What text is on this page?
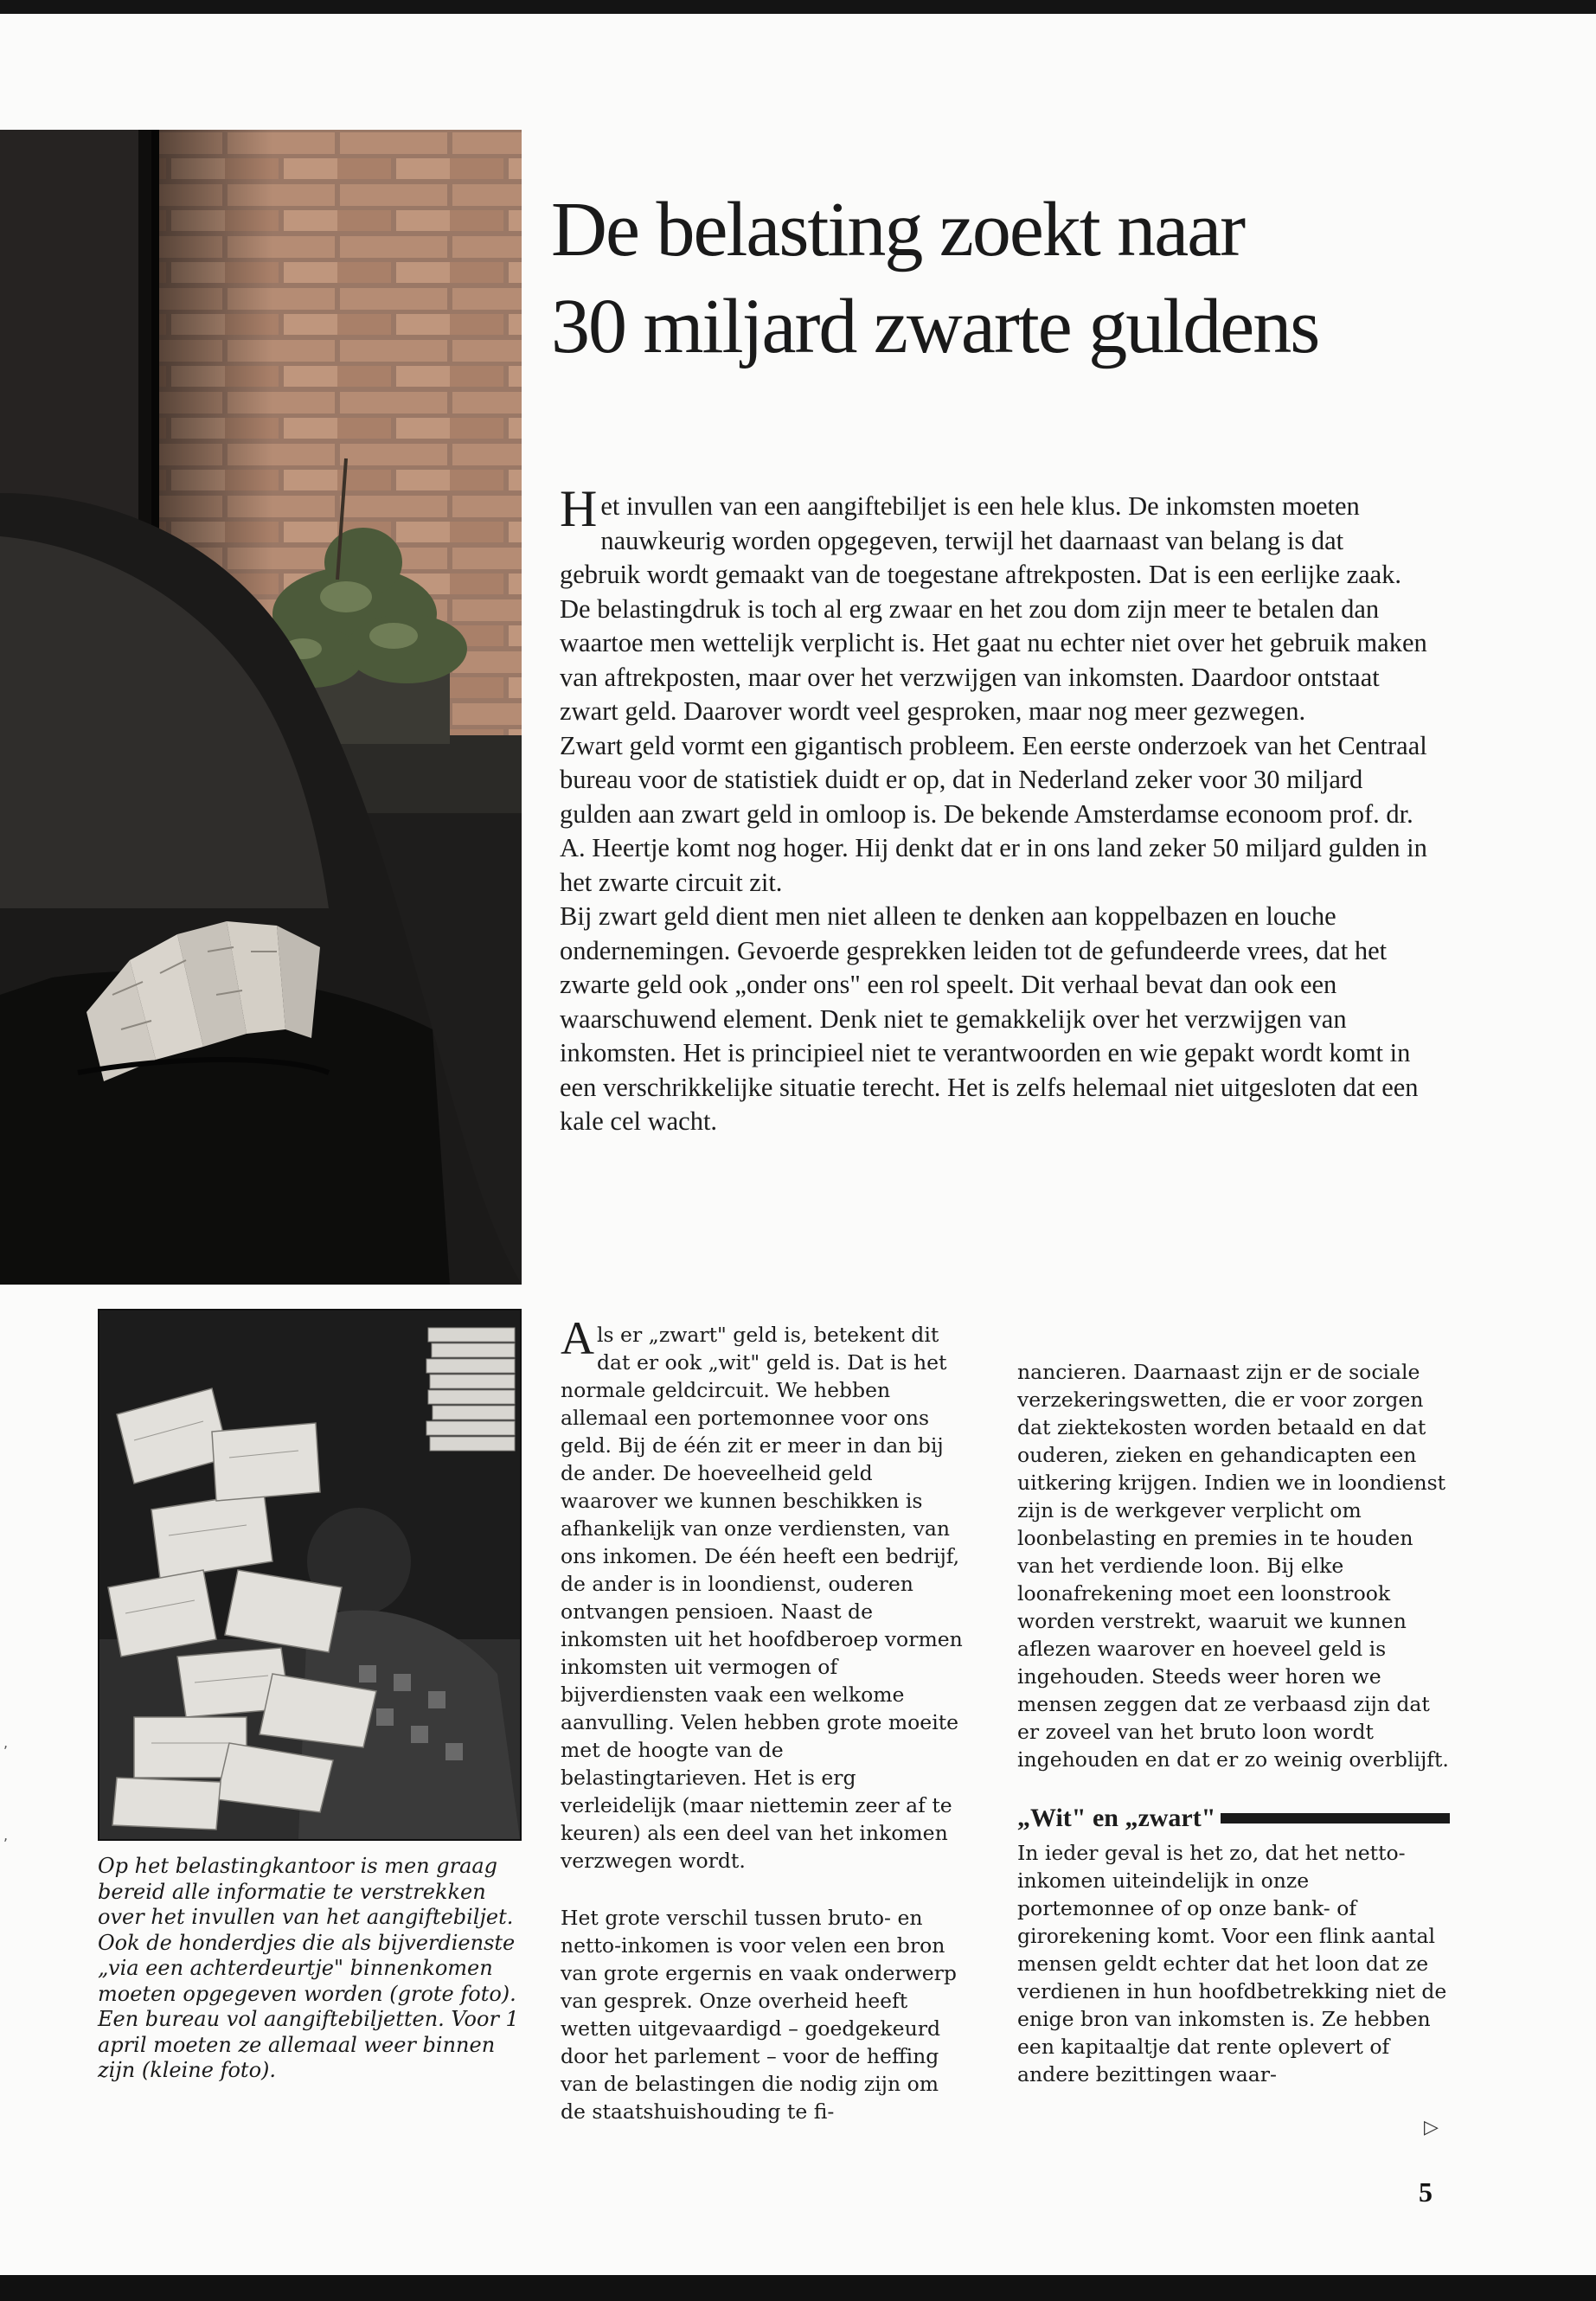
Op het belastingkantoor is men graag bereid alle informatie te verstrekken over het invullen van het aangiftebiljet. Ook de honderdjes die als bijverdienste „via een achterdeurtje" binnenkomen moeten opgegeven worden (grote foto).

Een bureau vol aangiftebiljetten. Voor 1 april moeten ze allemaal weer binnen zijn (kleine foto).

De belasting zoekt naar
30 miljard zwarte guldens

Het invullen van een aangiftebiljet is een hele klus. De inkomsten moeten nauwkeurig worden opgegeven, terwijl het daarnaast van belang is dat gebruik wordt gemaakt van de toegestane aftrekposten. Dat is een eerlijke zaak. De belastingdruk is toch al erg zwaar en het zou dom zijn meer te betalen dan waartoe men wettelijk verplicht is. Het gaat nu echter niet over het gebruik maken van aftrekposten, maar over het verzwijgen van inkomsten. Daardoor ontstaat zwart geld. Daarover wordt veel gesproken, maar nog meer gezwegen.

Zwart geld vormt een gigantisch probleem. Een eerste onderzoek van het Centraal bureau voor de statistiek duidt er op, dat in Nederland zeker voor 30 miljard gulden aan zwart geld in omloop is. De bekende Amsterdamse econoom prof. dr. A. Heertje komt nog hoger. Hij denkt dat er in ons land zeker 50 miljard gulden in het zwarte circuit zit.

Bij zwart geld dient men niet alleen te denken aan koppelbazen en louche ondernemingen. Gevoerde gesprekken leiden tot de gefundeerde vrees, dat het zwarte geld ook „onder ons" een rol speelt. Dit verhaal bevat dan ook een waarschuwend element. Denk niet te gemakkelijk over het verzwijgen van inkomsten. Het is principieel niet te verantwoorden en wie gepakt wordt komt in een verschrikkelijke situatie terecht. Het is zelfs helemaal niet uitgesloten dat een kale cel wacht.

Als er „zwart" geld is, betekent dit dat er ook „wit" geld is. Dat is het normale geldcircuit. We hebben allemaal een portemonnee voor ons geld. Bij de één zit er meer in dan bij de ander. De hoeveelheid geld waarover we kunnen beschikken is afhankelijk van onze verdiensten, van ons inkomen. De één heeft een bedrijf, de ander is in loondienst, ouderen ontvangen pensioen. Naast de inkomsten uit het hoofdberoep vormen inkomsten uit vermogen of bijverdiensten vaak een welkome aanvulling. Velen hebben grote moeite met de hoogte van de belastingtarieven. Het is erg verleidelijk (maar niettemin zeer af te keuren) als een deel van het inkomen verzwegen wordt.

Het grote verschil tussen bruto- en netto-inkomen is voor velen een bron van grote ergernis en vaak onderwerp van gesprek. Onze overheid heeft wetten uitgevaardigd – goedgekeurd door het parlement – voor de heffing van de belastingen die nodig zijn om de staatshuishouding te fi-

nancieren. Daarnaast zijn er de sociale verzekeringswetten, die er voor zorgen dat ziektekosten worden betaald en dat ouderen, zieken en gehandicapten een uitkering krijgen. Indien we in loondienst zijn is de werkgever verplicht om loonbelasting en premies in te houden van het verdiende loon. Bij elke loonafrekening moet een loonstrook worden verstrekt, waaruit we kunnen aflezen waarover en hoeveel geld is ingehouden. Steeds weer horen we mensen zeggen dat ze verbaasd zijn dat er zoveel van het bruto loon wordt ingehouden en dat er zo weinig overblijft.

„Wit" en „zwart"

In ieder geval is het zo, dat het netto-inkomen uiteindelijk in onze portemonnee of op onze bank- of girorekening komt. Voor een flink aantal mensen geldt echter dat het loon dat ze verdienen in hun hoofdbetrekking niet de enige bron van inkomsten is. Ze hebben een kapitaaltje dat rente oplevert of andere bezittingen waar-

▷
5
,
,
